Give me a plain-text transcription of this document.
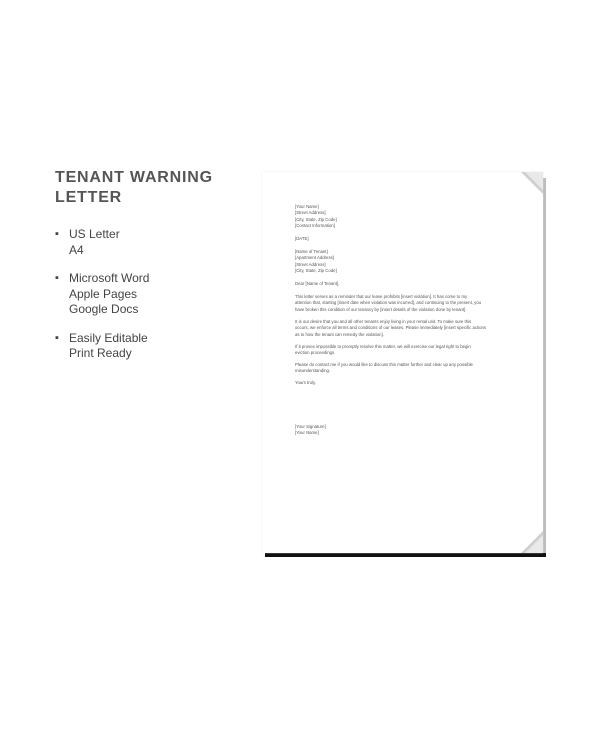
TENANT WARNING
LETTER
▪ US Letter
A4
▪ Microsoft Word
Apple Pages
Google Docs
▪ Easily Editable
Print Ready
[Your Name]
[Street Address]
[City, State, Zip Code]
[Contact Information]
[DATE]
[Name of Tenant]
[Apartment Address]
[Street Address]
[City, State, Zip Code]
Dear [Name of Tenant],
This letter serves as a reminder that our lease prohibits [insert violation]. It has come to my
attention that, starting [insert date when violation was incurred], and continuing to the present, you
have broken this condition of our tenancy by [insert details of the violation done by tenant].
It is our desire that you and all other tenants enjoy living in your rental unit. To make sure this
occurs, we enforce all terms and conditions of our leases. Please immediately [insert specific actions
as to how the tenant can remedy the violation].
If it proves impossible to promptly resolve this matter, we will exercise our legal right to begin
eviction proceedings.
Please do contact me if you would like to discuss this matter further and clear up any possible
misunderstanding.
Yours truly,
[Your Signature]
[Your Name]
